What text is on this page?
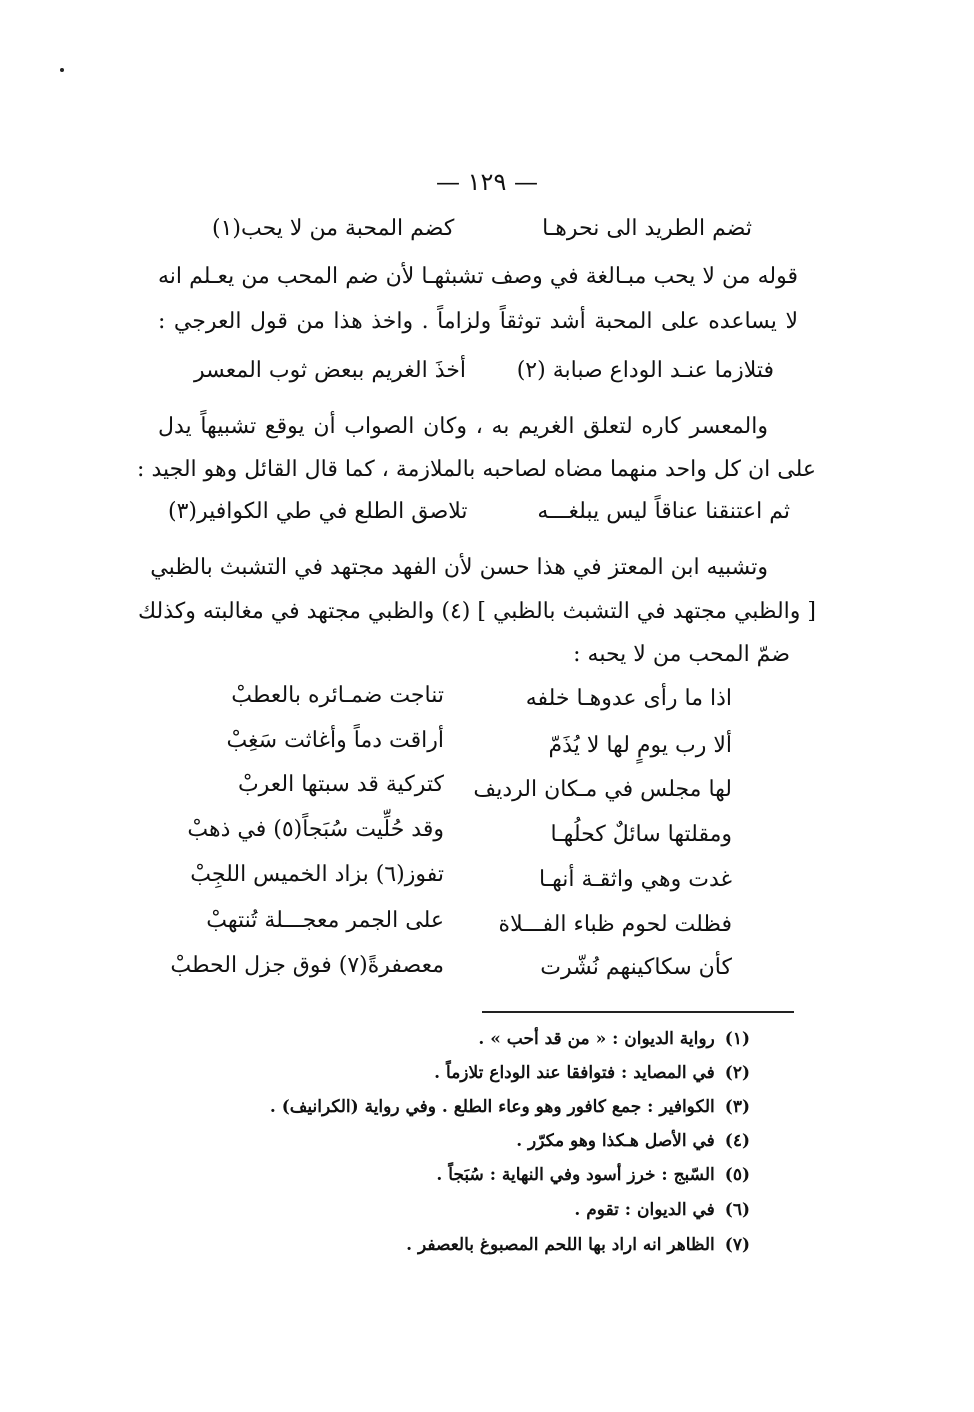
— ١٢٩ —
ثضم الطريد الى نحرهـا
كضم المحبة من لا يحب(١)
قوله من لا يحب مبـالغة في وصف تشبثهـا لأن ضم المحب من يعـلم انه
لا يساعده على المحبة أشد توثقاً ولزاماً . واخذ هذا من قول العرجي :
فتلازما عنـد الوداع صبابة (٢)
أخذَ الغريم ببعض ثوب المعسر
والمعسر كاره لتعلق الغريم به ، وكان الصواب أن يوقع تشبيهاً يدل
على ان كل واحد منهما مضاه لصاحبه بالملازمة ، كما قال القائل وهو الجيد :
ثم اعتنقنا عناقاً ليس يبلغـــه
تلاصق الطلع في طي الكوافير(٣)
وتشبيه ابن المعتز في هذا حسن لأن الفهد مجتهد في التشبث بالظبي
[ والظبي مجتهد في التشبث بالظبي ] (٤) والظبي مجتهد في مغالبته وكذلك
ضمّ المحب من لا يحبه :
اذا ما رأى عدوهـا خلفه
ألا رب يومٍ لها لا يُذَمّ
لها مجلس في مـكان الرديف
ومقلتها سائلٌ كحلُهـا
غدت وهي واثقـة أنهـا
فظلت لحوم ظباء الفـــلاة
كأن سكاكينهم نُشّرت
تناجت ضمـائره بالعطبْ
أراقت دماً وأغاثت سَغِبْ
كتركية قد سبتها العربْ
وقد حُلِّيت سُبَجاً(٥) في ذهبْ
تفوز(٦) بزاد الخميس اللجِبْ
على الجمر معجـــلة تُنتهبْ
معصفرةً(٧) فوق جزل الحطبْ
(١)رواية الديوان : « من قد أحب » .
(٢)في المصايد : فتوافقا عند الوداع تلازماً .
(٣)الكوافير : جمع كافور وهو وعاء الطلع . وفي رواية (الكرانيف) .
(٤)في الأصل هـكذا وهو مكرّر .
(٥)السّبج : خرز أسود وفي النهاية : سُبَجاً .
(٦)في الديوان : تقوم .
(٧)الظاهر انه اراد بها اللحم المصبوغ بالعصفر .
